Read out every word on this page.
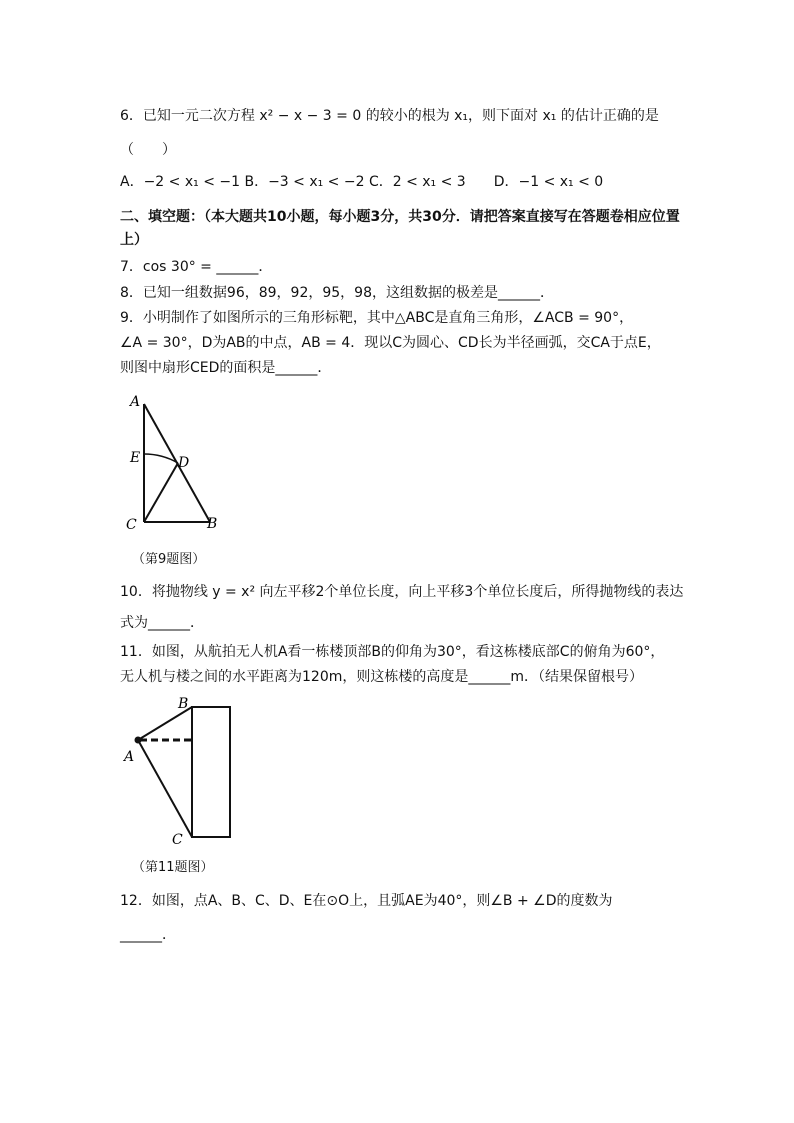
6．已知一元二次方程 x² − x − 3 = 0 的较小的根为 x₁，则下面对 x₁ 的估计正确的是
（　　）
A．−2 < x₁ < −1 B．−3 < x₁ < −2 C．2 < x₁ < 3　　D．−1 < x₁ < 0
二、填空题：（本大题共10小题，每小题3分，共30分．请把答案直接写在答题卷相应位置
上）
7．cos 30° = ______．
8．已知一组数据96，89，92，95，98，这组数据的极差是______．
9．小明制作了如图所示的三角形标靶，其中△ABC是直角三角形，∠ACB = 90°，
∠A = 30°，D为AB的中点，AB = 4．现以C为圆心、CD长为半径画弧，交CA于点E，
则图中扇形CED的面积是______．
A
E	D
C	B
（第9题图）
10．将抛物线 y = x² 向左平移2个单位长度，向上平移3个单位长度后，所得抛物线的表达
式为______．
11．如图，从航拍无人机A看一栋楼顶部B的仰角为30°，看这栋楼底部C的俯角为60°，
无人机与楼之间的水平距离为120m，则这栋楼的高度是______m．（结果保留根号）
A
B
C
（第11题图）
12．如图，点A、B、C、D、E在⊙O上，且弧AE为40°，则∠B + ∠D的度数为
______．
